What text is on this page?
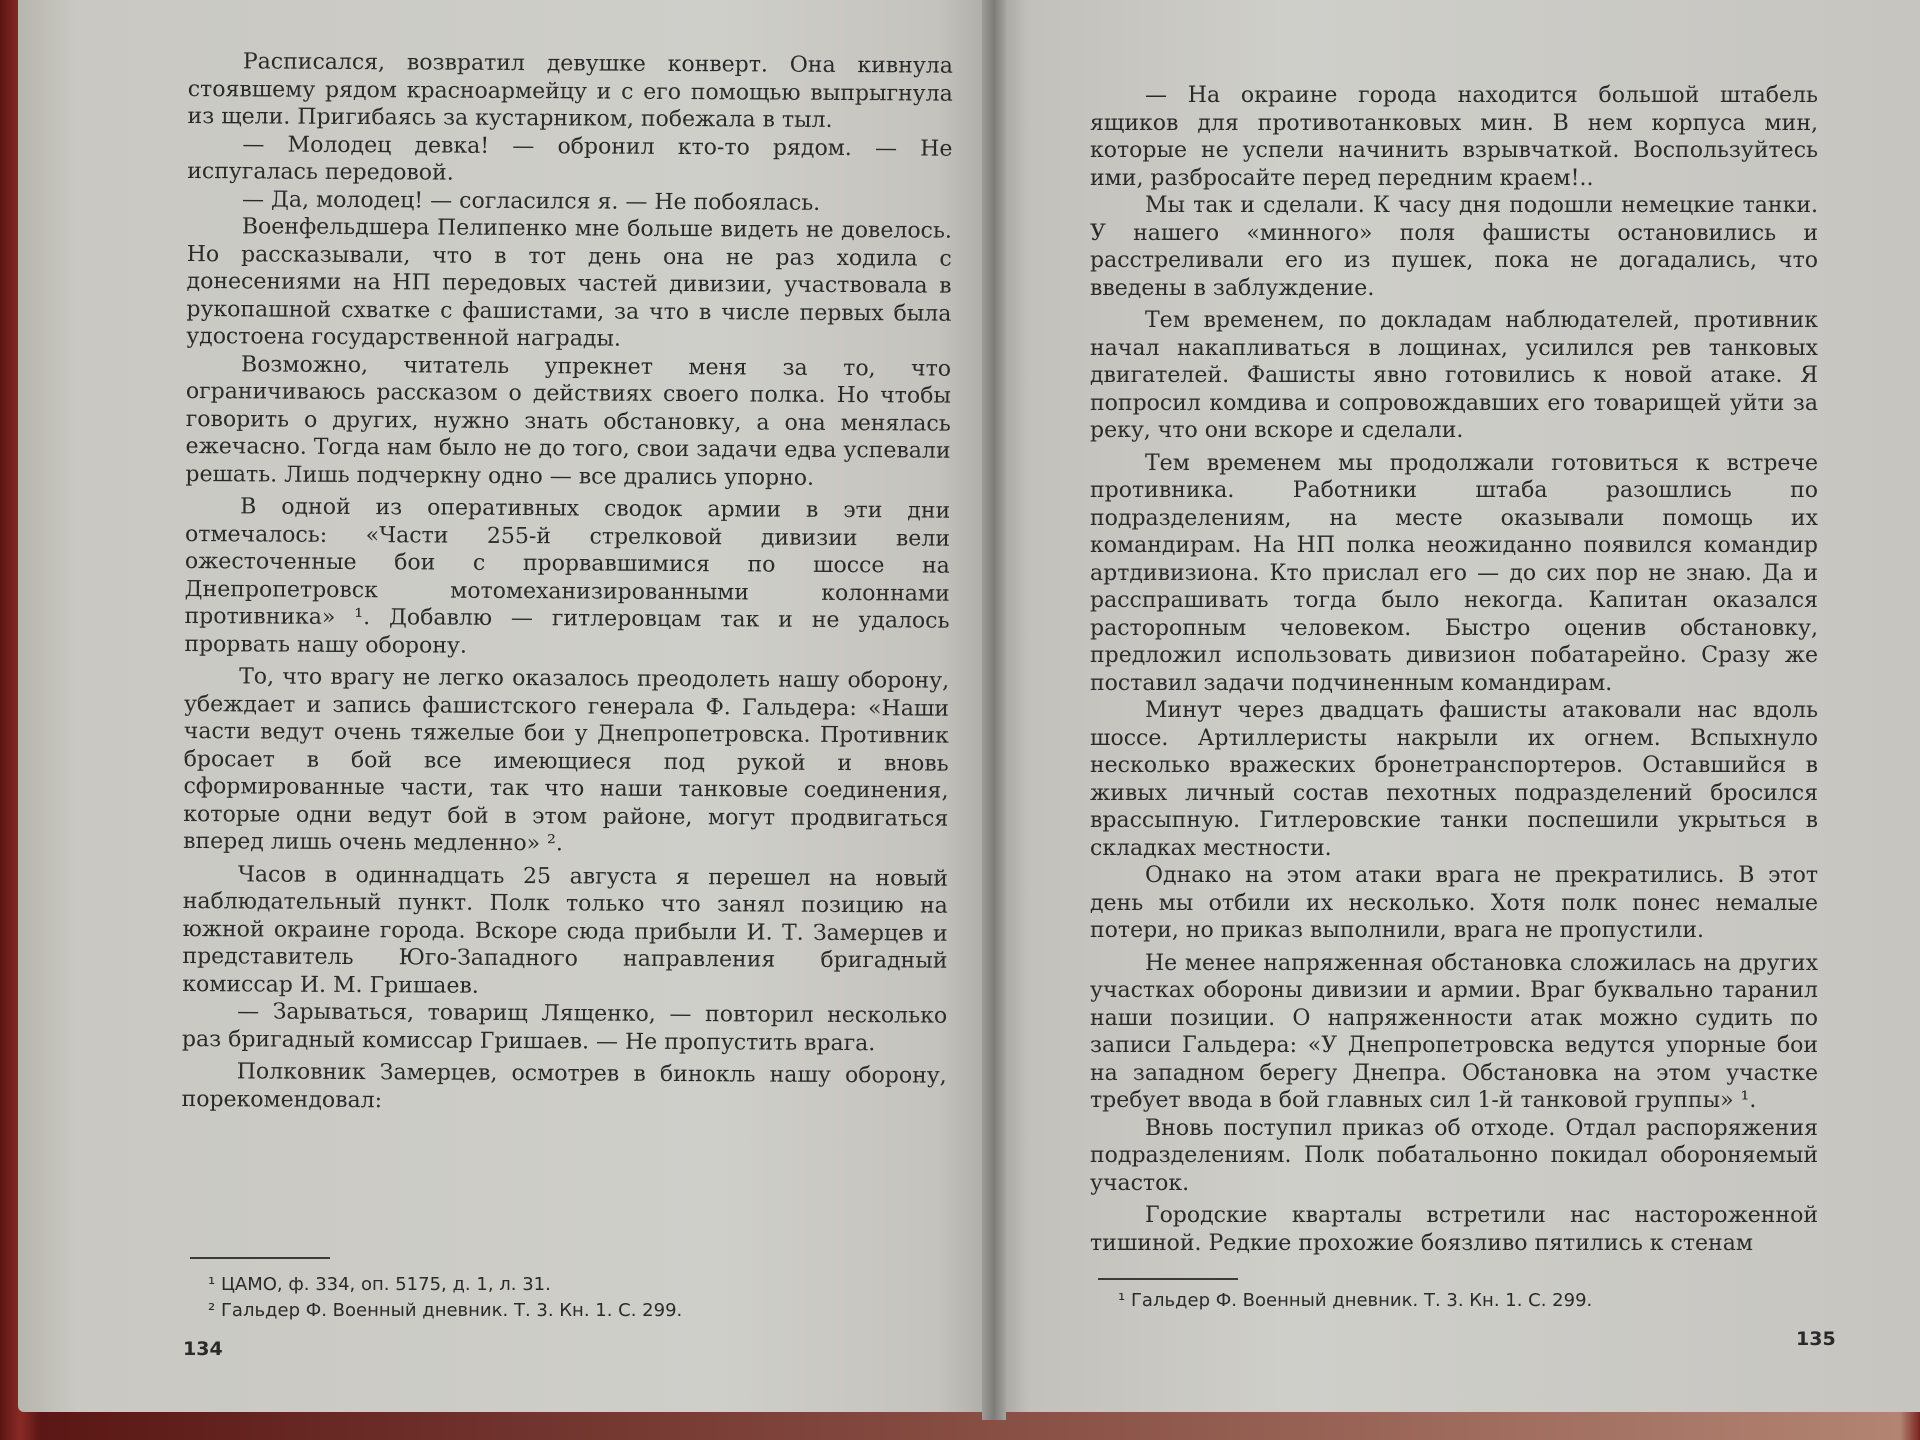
Расписался, возвратил девушке конверт. Она кивнула стоявшему рядом красноармейцу и с его помощью выпрыгнула из щели. Пригибаясь за кустарником, побежала в тыл.

— Молодец девка! — обронил кто-то рядом. — Не испугалась передовой.

— Да, молодец! — согласился я. — Не побоялась.

Военфельдшера Пелипенко мне больше видеть не довелось. Но рассказывали, что в тот день она не раз ходила с донесениями на НП передовых частей дивизии, участвовала в рукопашной схватке с фашистами, за что в числе первых была удостоена государственной награды.

Возможно, читатель упрекнет меня за то, что ограничиваюсь рассказом о действиях своего полка. Но чтобы говорить о других, нужно знать обстановку, а она менялась ежечасно. Тогда нам было не до того, свои задачи едва успевали решать. Лишь подчеркну одно — все дрались упорно.

В одной из оперативных сводок армии в эти дни отмечалось: «Части 255-й стрелковой дивизии вели ожесточенные бои с прорвавшимися по шоссе на Днепропетровск мотомеханизированными колоннами противника» ¹. Добавлю — гитлеровцам так и не удалось прорвать нашу оборону.

То, что врагу не легко оказалось преодолеть нашу оборону, убеждает и запись фашистского генерала Ф. Гальдера: «Наши части ведут очень тяжелые бои у Днепропетровска. Противник бросает в бой все имеющиеся под рукой и вновь сформированные части, так что наши танковые соединения, которые одни ведут бой в этом районе, могут продвигаться вперед лишь очень медленно» ².

Часов в одиннадцать 25 августа я перешел на новый наблюдательный пункт. Полк только что занял позицию на южной окраине города. Вскоре сюда прибыли И. Т. Замерцев и представитель Юго-Западного направления бригадный комиссар И. М. Гришаев.

— Зарываться, товарищ Лященко, — повторил несколько раз бригадный комиссар Гришаев. — Не пропустить врага.

Полковник Замерцев, осмотрев в бинокль нашу оборону, порекомендовал:

¹ ЦАМО, ф. 334, оп. 5175, д. 1, л. 31.
² Гальдер Ф. Военный дневник. Т. 3. Кн. 1. С. 299.
134

— На окраине города находится большой штабель ящиков для противотанковых мин. В нем корпуса мин, которые не успели начинить взрывчаткой. Воспользуйтесь ими, разбросайте перед передним краем!..

Мы так и сделали. К часу дня подошли немецкие танки. У нашего «минного» поля фашисты остановились и расстреливали его из пушек, пока не догадались, что введены в заблуждение.

Тем временем, по докладам наблюдателей, противник начал накапливаться в лощинах, усилился рев танковых двигателей. Фашисты явно готовились к новой атаке. Я попросил комдива и сопровождавших его товарищей уйти за реку, что они вскоре и сделали.

Тем временем мы продолжали готовиться к встрече противника. Работники штаба разошлись по подразделениям, на месте оказывали помощь их командирам. На НП полка неожиданно появился командир артдивизиона. Кто прислал его — до сих пор не знаю. Да и расспрашивать тогда было некогда. Капитан оказался расторопным человеком. Быстро оценив обстановку, предложил использовать дивизион побатарейно. Сразу же поставил задачи подчиненным командирам.

Минут через двадцать фашисты атаковали нас вдоль шоссе. Артиллеристы накрыли их огнем. Вспыхнуло несколько вражеских бронетранспортеров. Оставшийся в живых личный состав пехотных подразделений бросился врассыпную. Гитлеровские танки поспешили укрыться в складках местности.

Однако на этом атаки врага не прекратились. В этот день мы отбили их несколько. Хотя полк понес немалые потери, но приказ выполнили, врага не пропустили.

Не менее напряженная обстановка сложилась на других участках обороны дивизии и армии. Враг буквально таранил наши позиции. О напряженности атак можно судить по записи Гальдера: «У Днепропетровска ведутся упорные бои на западном берегу Днепра. Обстановка на этом участке требует ввода в бой главных сил 1-й танковой группы» ¹.

Вновь поступил приказ об отходе. Отдал распоряжения подразделениям. Полк побатальонно покидал обороняемый участок.

Городские кварталы встретили нас настороженной тишиной. Редкие прохожие боязливо пятились к стенам

¹ Гальдер Ф. Военный дневник. Т. 3. Кн. 1. С. 299.
135
